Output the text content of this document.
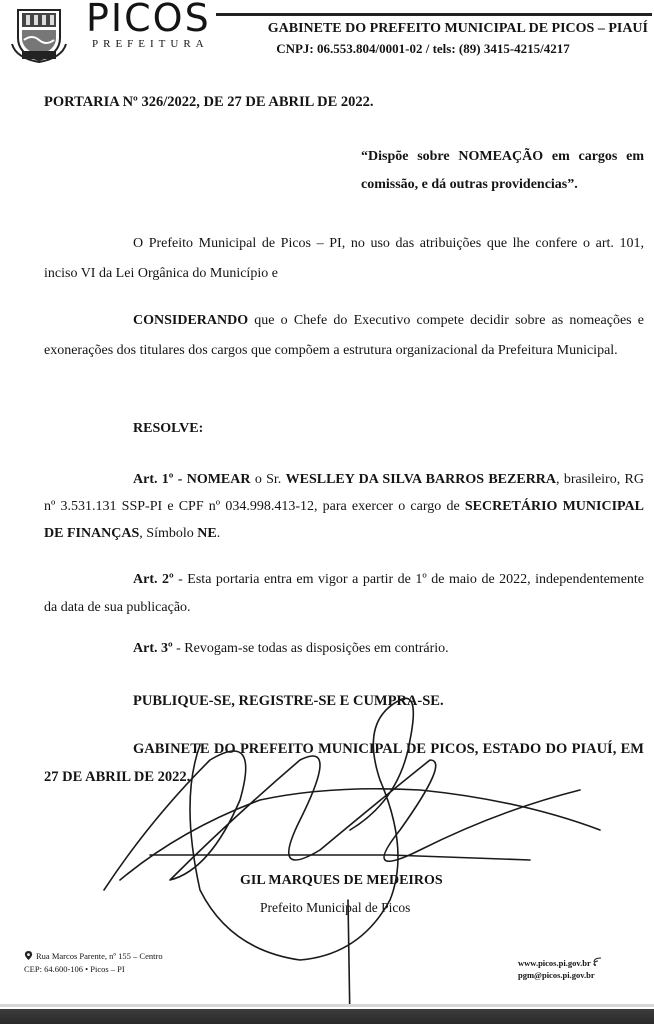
PICOS
PREFEITURA
GABINETE DO PREFEITO MUNICIPAL DE PICOS – PIAUÍ
CNPJ: 06.553.804/0001-02 / tels: (89) 3415-4215/4217
PORTARIA Nº 326/2022, DE 27 DE ABRIL DE 2022.
“Dispõe sobre NOMEAÇÃO em cargos em comissão, e dá outras providencias”.
O Prefeito Municipal de Picos – PI, no uso das atribuições que lhe confere o art. 101, inciso VI da Lei Orgânica do Município e
CONSIDERANDO que o Chefe do Executivo compete decidir sobre as nomeações e exonerações dos titulares dos cargos que compõem a estrutura organizacional da Prefeitura Municipal.
RESOLVE:
Art. 1º - NOMEAR o Sr. WESLLEY DA SILVA BARROS BEZERRA, brasileiro, RG nº 3.531.131 SSP-PI e CPF nº 034.998.413-12, para exercer o cargo de SECRETÁRIO MUNICIPAL DE FINANÇAS, Símbolo NE.
Art. 2º - Esta portaria entra em vigor a partir de 1º de maio de 2022, independentemente da data de sua publicação.
Art. 3º - Revogam-se todas as disposições em contrário.
PUBLIQUE-SE, REGISTRE-SE E CUMPRA-SE.
GABINETE DO PREFEITO MUNICIPAL DE PICOS, ESTADO DO PIAUÍ, EM 27 DE ABRIL DE 2022.
GIL MARQUES DE MEDEIROS
Prefeito Municipal de Picos
Rua Marcos Parente, nº 155 – Centro
CEP: 64.600-106 • Picos – PI
www.picos.pi.gov.br
pgm@picos.pi.gov.br
